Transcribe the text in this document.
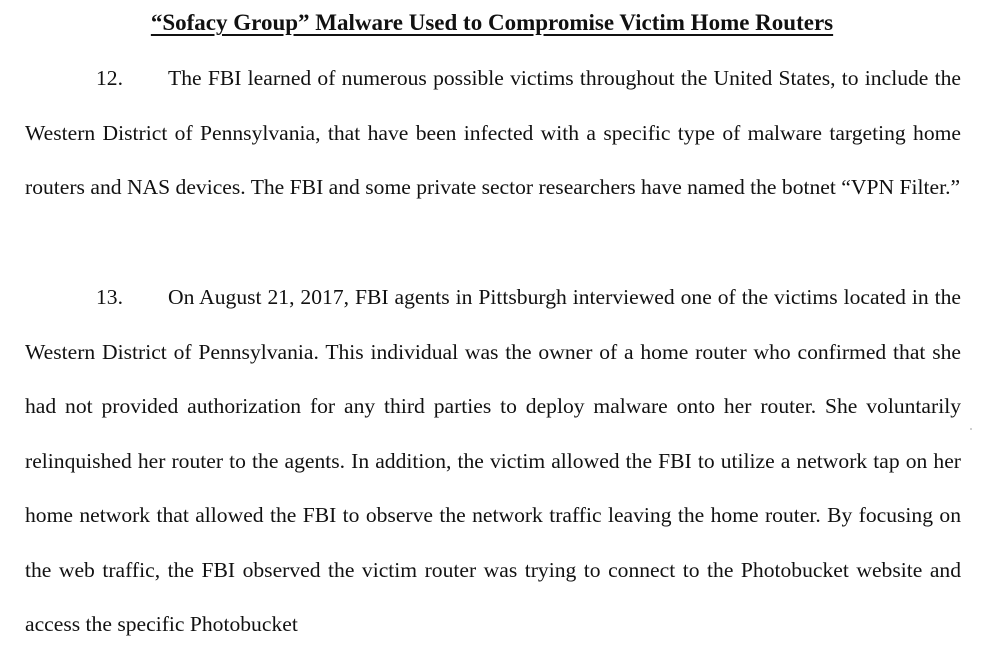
“Sofacy Group” Malware Used to Compromise Victim Home Routers

12. The FBI learned of numerous possible victims throughout the United States, to include the Western District of Pennsylvania, that have been infected with a specific type of malware targeting home routers and NAS devices. The FBI and some private sector researchers have named the botnet “VPN Filter.”

13. On August 21, 2017, FBI agents in Pittsburgh interviewed one of the victims located in the Western District of Pennsylvania. This individual was the owner of a home router who confirmed that she had not provided authorization for any third parties to deploy malware onto her router. She voluntarily relinquished her router to the agents. In addition, the victim allowed the FBI to utilize a network tap on her home network that allowed the FBI to observe the network traffic leaving the home router. By focusing on the web traffic, the FBI observed the victim router was trying to connect to the Photobucket website and access the specific Photobucket
